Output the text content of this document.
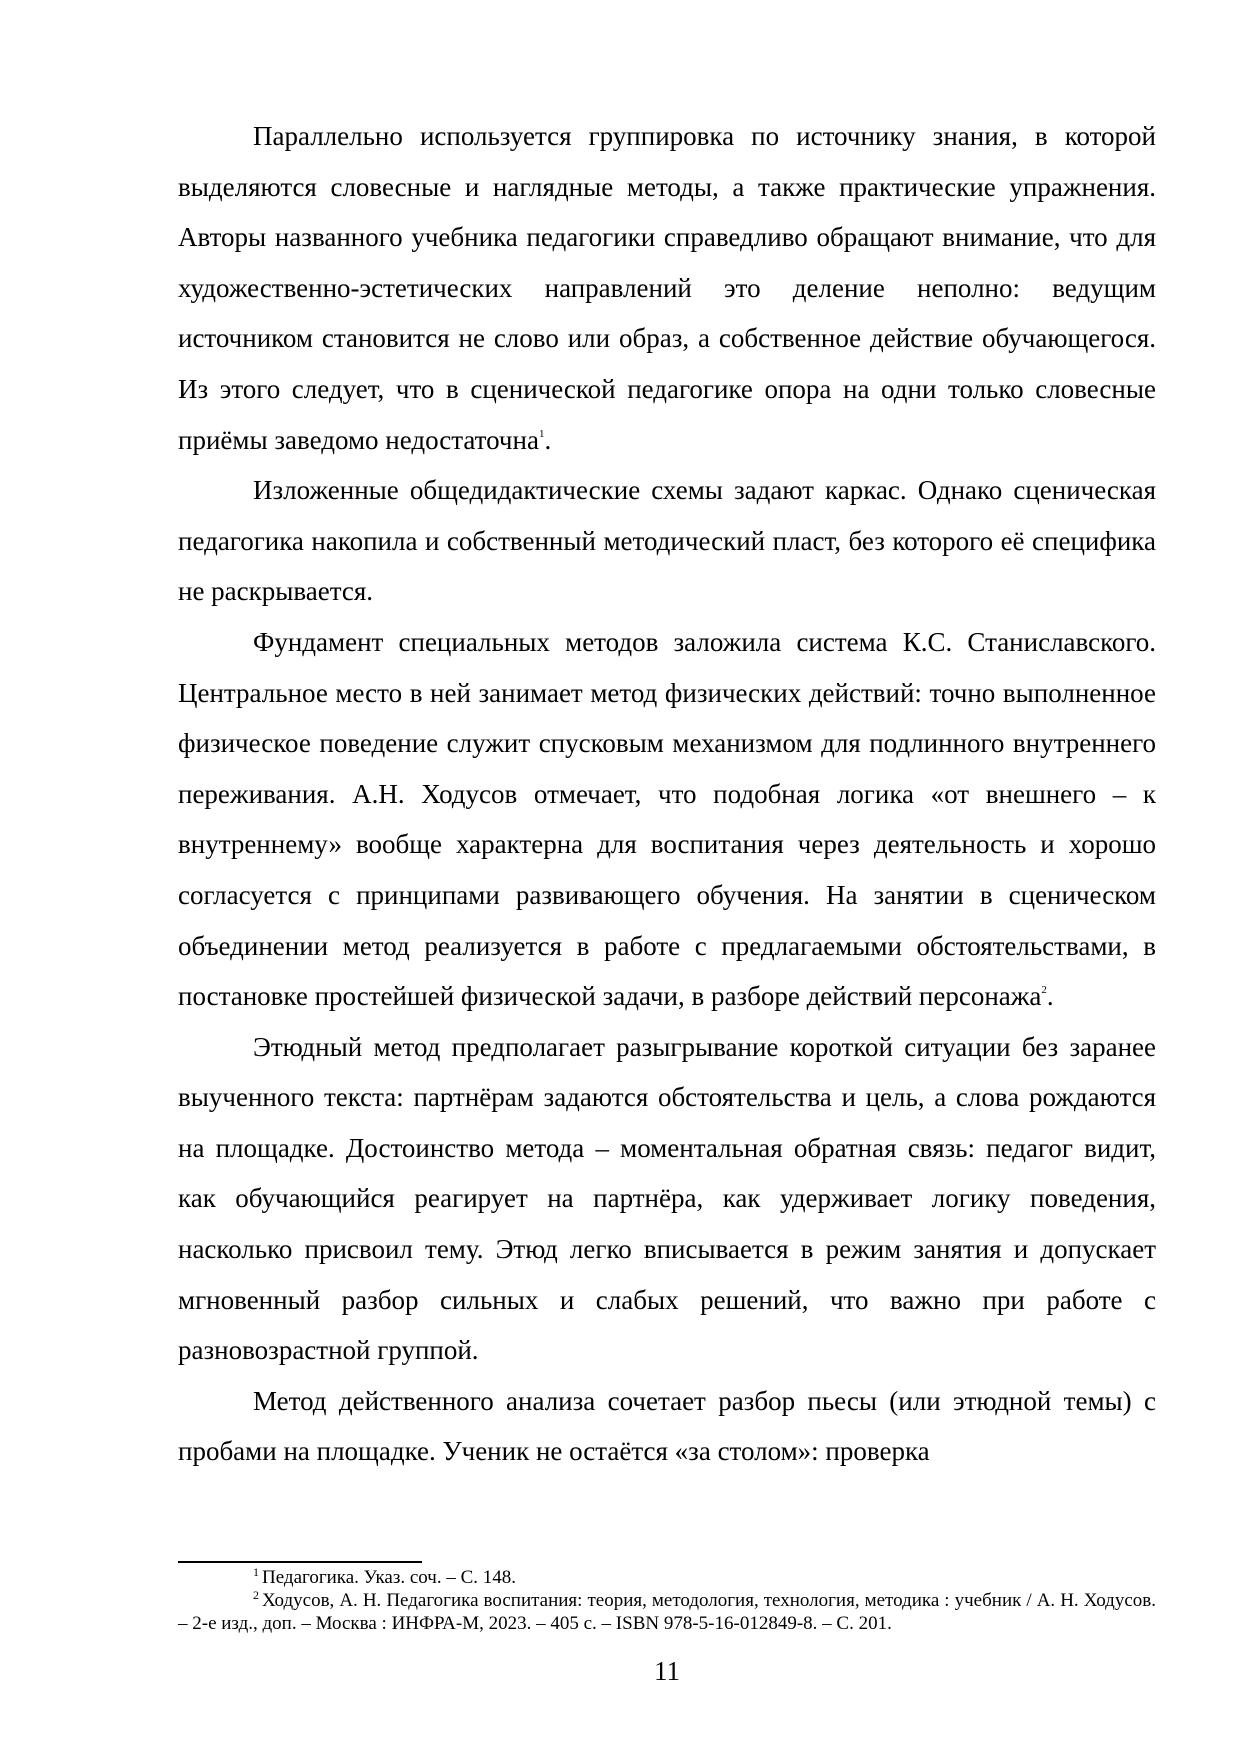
Параллельно используется группировка по источнику знания, в которой выделяются словесные и наглядные методы, а также практические упражнения. Авторы названного учебника педагогики справедливо обращают внимание, что для художественно-эстетических направлений это деление неполно: ведущим источником становится не слово или образ, а собственное действие обучающегося. Из этого следует, что в сценической педагогике опора на одни только словесные приёмы заведомо недостаточна$^1$.

Изложенные общедидактические схемы задают каркас. Однако сценическая педагогика накопила и собственный методический пласт, без которого её специфика не раскрывается.

Фундамент специальных методов заложила система К.С. Станиславского. Центральное место в ней занимает метод физических действий: точно выполненное физическое поведение служит спусковым механизмом для подлинного внутреннего переживания. А.Н. Ходусов отмечает, что подобная логика «от внешнего – к внутреннему» вообще характерна для воспитания через деятельность и хорошо согласуется с принципами развивающего обучения. На занятии в сценическом объединении метод реализуется в работе с предлагаемыми обстоятельствами, в постановке простейшей физической задачи, в разборе действий персонажа$^2$.

Этюдный метод предполагает разыгрывание короткой ситуации без заранее выученного текста: партнёрам задаются обстоятельства и цель, а слова рождаются на площадке. Достоинство метода – моментальная обратная связь: педагог видит, как обучающийся реагирует на партнёра, как удерживает логику поведения, насколько присвоил тему. Этюд легко вписывается в режим занятия и допускает мгновенный разбор сильных и слабых решений, что важно при работе с разновозрастной группой.

Метод действенного анализа сочетает разбор пьесы (или этюдной темы) с пробами на площадке. Ученик не остаётся «за столом»: проверка

$^1$ Педагогика. Указ. соч. – С. 148.

$^2$ Ходусов, А. Н. Педагогика воспитания: теория, методология, технология, методика : учебник / А. Н. Ходусов. – 2-е изд., доп. – Москва : ИНФРА-М, 2023. – 405 с. – ISBN 978-5-16-012849-8. – С. 201.

11
